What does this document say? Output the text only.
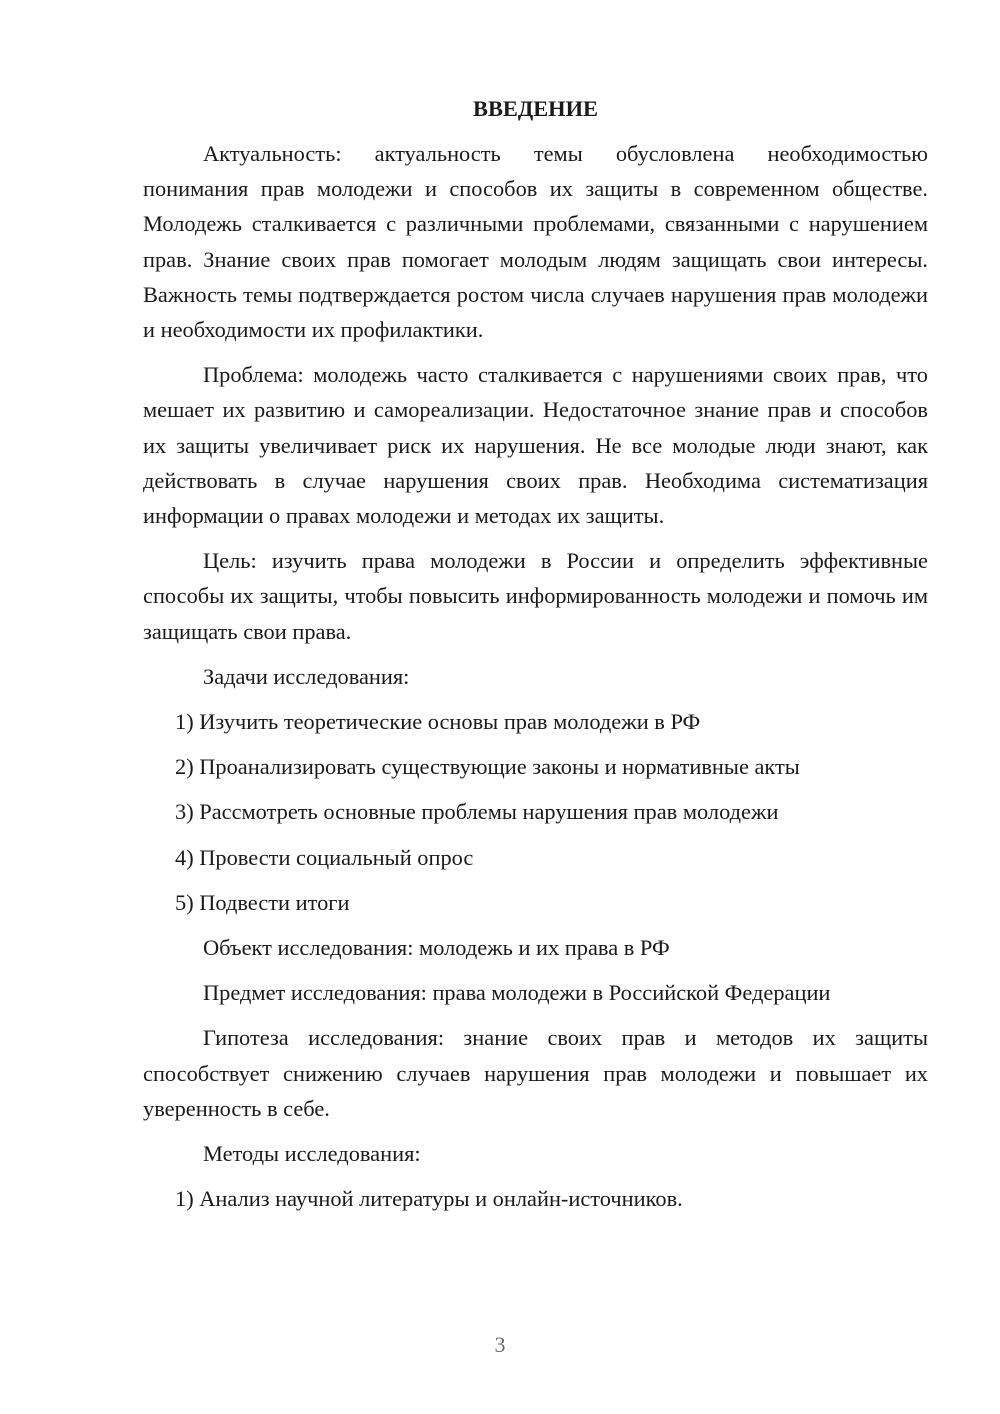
ВВЕДЕНИЕ

Актуальность: актуальность темы обусловлена необходимостью понимания прав молодежи и способов их защиты в современном обществе. Молодежь сталкивается с различными проблемами, связанными с нарушением прав. Знание своих прав помогает молодым людям защищать свои интересы. Важность темы подтверждается ростом числа случаев нарушения прав молодежи и необходимости их профилактики.

Проблема: молодежь часто сталкивается с нарушениями своих прав, что мешает их развитию и самореализации. Недостаточное знание прав и способов их защиты увеличивает риск их нарушения. Не все молодые люди знают, как действовать в случае нарушения своих прав. Необходима систематизация информации о правах молодежи и методах их защиты.

Цель: изучить права молодежи в России и определить эффективные способы их защиты, чтобы повысить информированность молодежи и помочь им защищать свои права.

Задачи исследования:
1) Изучить теоретические основы прав молодежи в РФ
2) Проанализировать существующие законы и нормативные акты
3) Рассмотреть основные проблемы нарушения прав молодежи
4) Провести социальный опрос
5) Подвести итоги
Объект исследования: молодежь и их права в РФ
Предмет исследования: права молодежи в Российской Федерации

Гипотеза исследования: знание своих прав и методов их защиты способствует снижению случаев нарушения прав молодежи и повышает их уверенность в себе.

Методы исследования:
1) Анализ научной литературы и онлайн-источников.
3
